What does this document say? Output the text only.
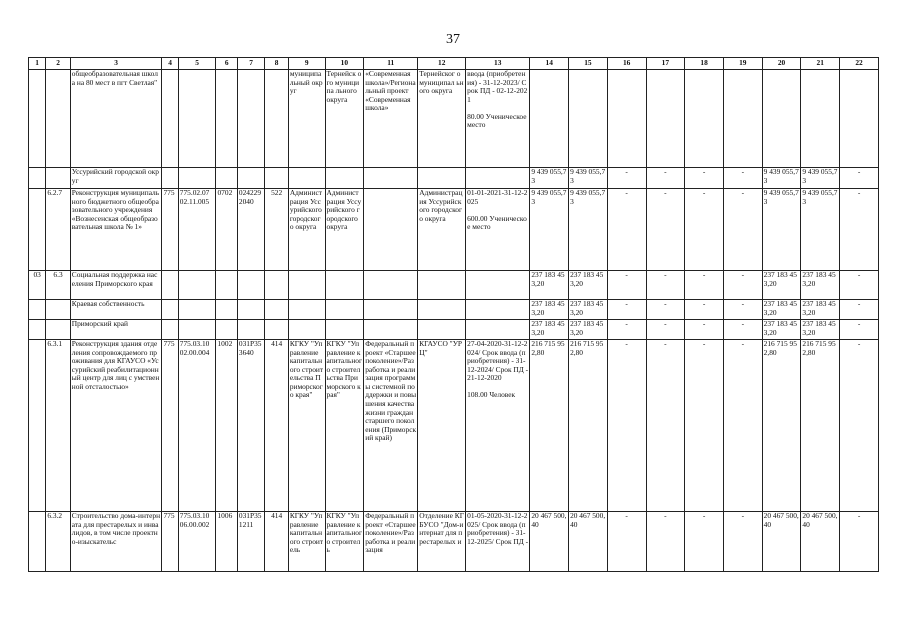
37
1	2	3	4	5	6	7	8	9	10	11	12	13	14	15	16	17	18	19	20	21	22
		общеобразовательная школа на 80 мест в пгт Светлая"						муниципа льный округ	Тернейск ого муниципа льного округа	«Современная школа»/Региональный проект «Современная школа»	Тернейског о муниципал ьного округа	ввода (приобретения) - 31-12-2023/ Срок ПД - 02-12-2021

80.00 Ученическое место									
		Уссурийский городской округ											9 439 055,73	9 439 055,73	-	-	-	-	9 439 055,73	9 439 055,73	-
	6.2.7	Реконструкция муниципального бюджетного общеобразовательного учреждения «Вознесенская общеобразовательная школа № 1»	775	775.02.07 02.11.005	0702	024229 2040	522	Администрация Уссурийского городского округа	Администрация Уссурийского городского округа		Администрация Уссурийского городского округа	01-01-2021-31-12-2025

600.00 Ученическое место	9 439 055,73	9 439 055,73	-	-	-	-	9 439 055,73	9 439 055,73	-
03	6.3	Социальная поддержка населения Приморского края											237 183 453,20	237 183 453,20	-	-	-	-	237 183 453,20	237 183 453,20	-
		Краевая собственность											237 183 453,20	237 183 453,20	-	-	-	-	237 183 453,20	237 183 453,20	-
		Приморский край											237 183 453,20	237 183 453,20	-	-	-	-	237 183 453,20	237 183 453,20	-
	6.3.1	Реконструкция здания отделения сопровождаемого проживания для КГАУСО «Уссурийский реабилитационный центр для лиц с умственной отсталостью»	775	775.03.10 02.00.004	1002	031P35 3640	414	КГКУ "Управление капитального строительства Приморского края"	КГКУ "Управление капитального строительства Приморского края"	Федеральный проект «Старшее поколение»/Разработка и реализация программы системной поддержки и повышения качества жизни граждан старшего поколения (Приморский край)	КГАУСО "УРЦ"	27-04-2020-31-12-2024/ Срок ввода (приобретения) - 31-12-2024/ Срок ПД - 21-12-2020

108.00 Человек	216 715 952,80	216 715 952,80	-	-	-	-	216 715 952,80	216 715 952,80	-
	6.3.2	Строительство дома-интерната для престарелых и инвалидов, в том числе проектно-изыскательс	775	775.03.10 06.00.002	1006	031P35 1211	414	КГКУ "Управление капитального строитель	КГКУ "Управление капитального строитель	Федеральный проект «Старшее поколение»/Разработка и реализация	Отделение КГБУСО "Дом-интернат для престарелых и	01-05-2020-31-12-2025/ Срок ввода (приобретения) - 31-12-2025/ Срок ПД -	20 467 500,40	20 467 500,40	-	-	-	-	20 467 500,40	20 467 500,40	-
